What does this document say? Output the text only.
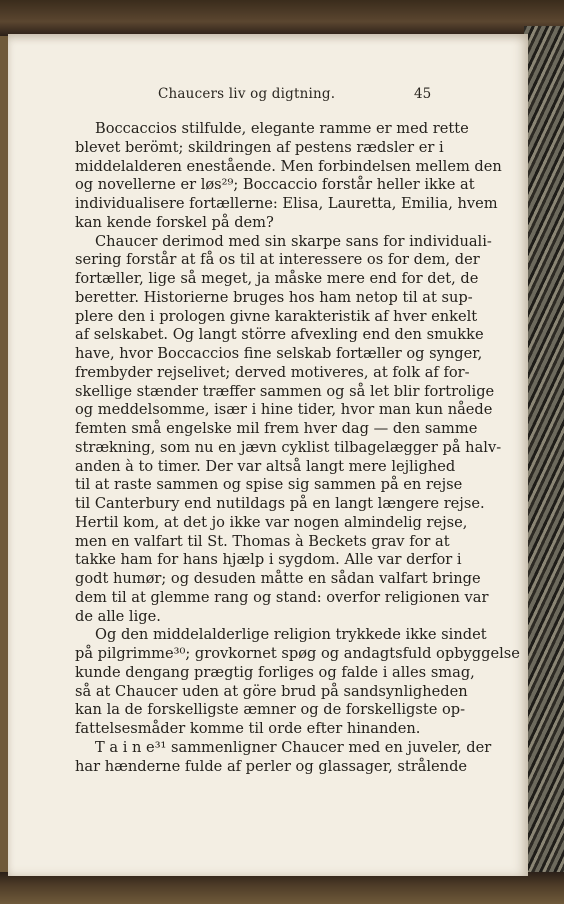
Chaucers liv og digtning.	45
Boccaccios stilfulde, elegante ramme er med rette
blevet berömt; skildringen af pestens rædsler er i
middelalderen enestående. Men forbindelsen mellem den
og novellerne er løs²⁹; Boccaccio forstår heller ikke at
individualisere fortællerne: Elisa, Lauretta, Emilia, hvem
kan kende forskel på dem?
Chaucer derimod med sin skarpe sans for individuali-
sering forstår at få os til at interessere os for dem, der
fortæller, lige så meget, ja måske mere end for det, de
beretter. Historierne bruges hos ham netop til at sup-
plere den i prologen givne karakteristik af hver enkelt
af selskabet. Og langt större afvexling end den smukke
have, hvor Boccaccios fine selskab fortæller og synger,
frembyder rejselivet; derved motiveres, at folk af for-
skellige stænder træffer sammen og så let blir fortrolige
og meddelsomme, især i hine tider, hvor man kun nåede
femten små engelske mil frem hver dag — den samme
strækning, som nu en jævn cyklist tilbagelægger på halv-
anden à to timer. Der var altså langt mere lejlighed
til at raste sammen og spise sig sammen på en rejse
til Canterbury end nutildags på en langt længere rejse.
Hertil kom, at det jo ikke var nogen almindelig rejse,
men en valfart til St. Thomas à Beckets grav for at
takke ham for hans hjælp i sygdom. Alle var derfor i
godt humør; og desuden måtte en sådan valfart bringe
dem til at glemme rang og stand: overfor religionen var
de alle lige.
Og den middelalderlige religion trykkede ikke sindet
på pilgrimme³⁰; grovkornet spøg og andagtsfuld opbyggelse
kunde dengang prægtig forliges og falde i alles smag,
så at Chaucer uden at göre brud på sandsynligheden
kan la de forskelligste æmner og de forskelligste op-
fattelsesmåder komme til orde efter hinanden.
T a i n e³¹ sammenligner Chaucer med en juveler, der
har hænderne fulde af perler og glassager, strålende
